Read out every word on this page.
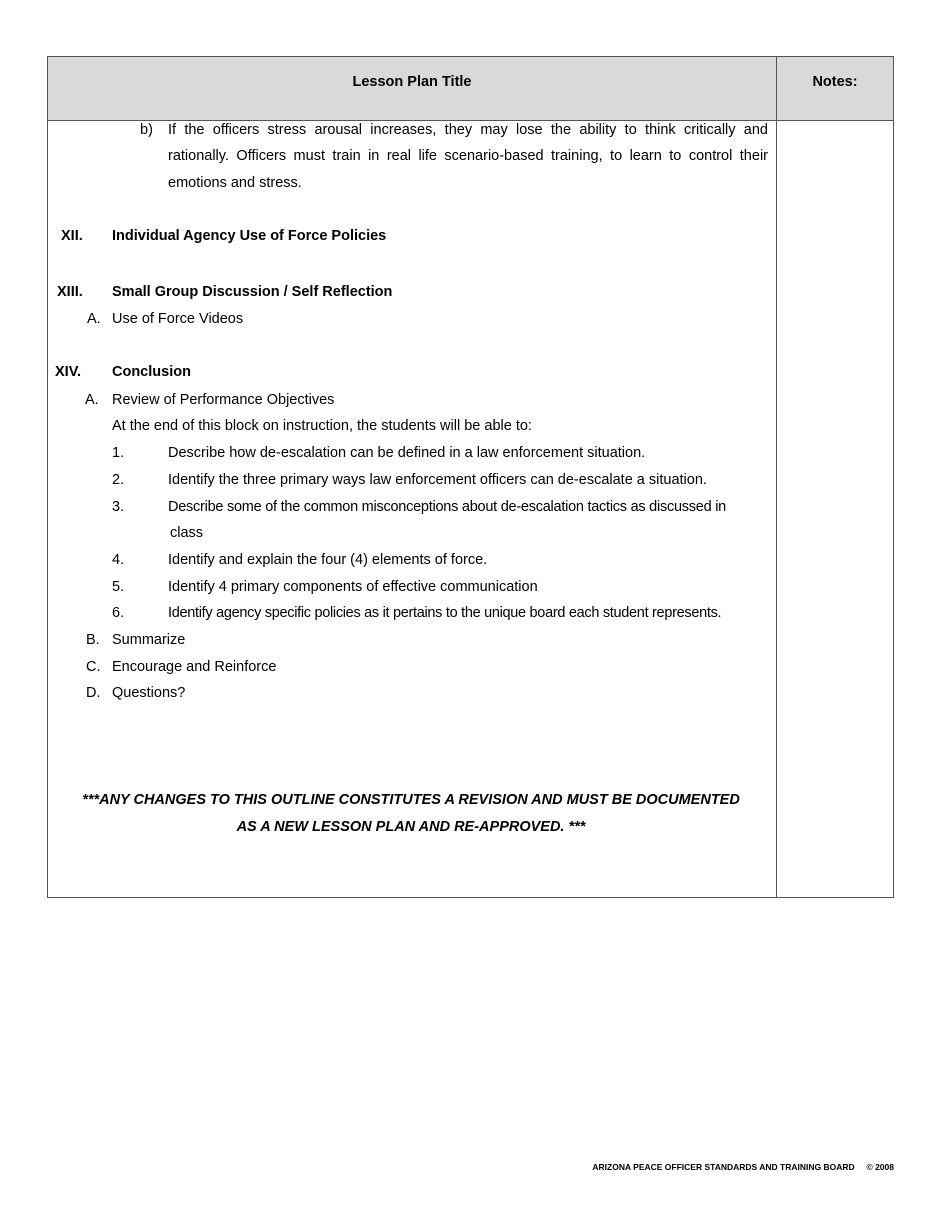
Lesson Plan Title	Notes:
b) If the officers stress arousal increases, they may lose the ability to think critically and
rationally. Officers must train in real life scenario-based training, to learn to control their
emotions and stress.
XII. Individual Agency Use of Force Policies
XIII. Small Group Discussion / Self Reflection
A. Use of Force Videos
XIV. Conclusion
A. Review of Performance Objectives
At the end of this block on instruction, the students will be able to:
1.	Describe how de-escalation can be defined in a law enforcement situation.
2.	Identify the three primary ways law enforcement officers can de-escalate a situation.
3.	Describe some of the common misconceptions about de-escalation tactics as discussed in
class
4.	Identify and explain the four (4) elements of force.
5.	Identify 4 primary components of effective communication
6.	Identify agency specific policies as it pertains to the unique board each student represents.
B. Summarize
C. Encourage and Reinforce
D. Questions?
***ANY CHANGES TO THIS OUTLINE CONSTITUTES A REVISION AND MUST BE DOCUMENTED
AS A NEW LESSON PLAN AND RE-APPROVED. ***
ARIZONA PEACE OFFICER STANDARDS AND TRAINING BOARD © 2008
